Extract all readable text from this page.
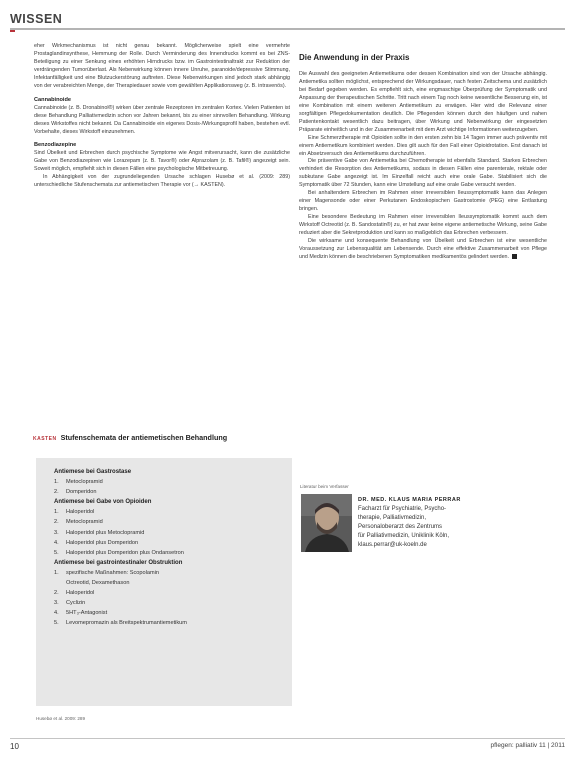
WISSEN

eher Wirkmechanismus ist nicht genau bekannt. Möglicherweise spielt eine vermehrte Prostaglandinsynthese, Hemmung der Rolle. Durch Verminderung des Innendrucks kommt es bei ZNS-Beteiligung zu einer Senkung eines erhöhten Hirndrucks bzw. im Gastrointestinaltrakt zur Reduktion der verdrängenden Tumorüberlast. Als Nebenwirkung können innere Unruhe, paranoide/depressive Stimmung, Infektanfälligkeit und eine Blutzuckerstörung auftreten. Diese Nebenwirkungen sind jedoch stark abhängig von der verabreichten Menge, der Therapiedauer sowie vom gewählten Applikationsweg (z. B. intravenös).

Cannabinoide

Cannabinoide (z. B. Dronabinol®) wirken über zentrale Rezeptoren im zentralen Kortex. Vielen Patienten ist diese Behandlung Palliativmedizin schon vor Jahren bekannt, bis zu einer sinnvollen Behandlung. Wirkung dieses Wirkstoffes nicht bekannt. Da Cannabinoide ein eigenes Dosis-/Wirkungsprofil haben, bestehen evtl. Vorbehalte, dieses Wirkstoff einzunehmen.

Benzodiazepine

Sind Übelkeit und Erbrechen durch psychische Symptome wie Angst mitverursacht, kann die zusätzliche Gabe von Benzodiazepinen wie Lorazepam (z. B. Tavor®) oder Alprazolam (z. B. Tafil®) angezeigt sein. Soweit möglich, empfiehlt sich in diesen Fällen eine psychologische Mitbetreuung.

In Abhängigkeit von der zugrundeliegenden Ursache schlagen Husebø et al. (2009: 289) unterschiedliche Stufenschemata zur antiemetischen Therapie vor (→ KASTEN).

Die Anwendung in der Praxis

Die Auswahl des geeigneten Antiemetikums oder dessen Kombination sind von der Ursache abhängig. Antiemetika sollten möglichst, entsprechend der Wirkungsdauer, nach festen Zeitschema und zusätzlich bei Bedarf gegeben werden. Es empfiehlt sich, eine engmaschige Überprüfung der Symptomatik und Anpassung der therapeutischen Schritte. Tritt nach einem Tag noch keine wesentliche Besserung ein, ist eine Kombination mit einem weiteren Antiemetikum zu erwägen. Hier wird die Relevanz einer sorgfältigen Pflegedokumentation deutlich. Die Pflegenden können durch den häufigen und nahen Patientenkontakt wesentlich dazu beitragen, über Wirkung und Nebenwirkung der eingesetzten Präparate einheitlich und in der Zusammenarbeit mit dem Arzt wichtige Informationen weiterzugeben.

Eine Schmerztherapie mit Opioiden sollte in den ersten zehn bis 14 Tagen immer auch präventiv mit einem Antiemetikum kombiniert werden. Dies gilt auch für den Fall einer Opioidrotation. Erst danach ist ein Absetzversuch des Antiemetikums durchzuführen.

Die präventive Gabe von Antiemetika bei Chemotherapie ist ebenfalls Standard. Starkes Erbrechen verhindert die Resorption des Antiemetikums, sodass in diesen Fällen eine parenterale, rektale oder subkutane Gabe angezeigt ist. Im Einzelfall reicht auch eine orale Gabe. Stabilisiert sich die Symptomatik über 72 Stunden, kann eine Umstellung auf eine orale Gabe versucht werden.

Bei anhaltendem Erbrechen im Rahmen einer irreversiblen Ileussymptomatik kann das Anlegen einer Magensonde oder einer Perkutanen Endoskopischen Gastrostomie (PEG) eine Entlastung bringen.

Eine besondere Bedeutung im Rahmen einer irreversiblen Ileussymptomatik kommt auch dem Wirkstoff Octreotid (z. B. Sandostatin®) zu, er hat zwar keine eigene antiemetische Wirkung, seine Gabe reduziert aber die Sekretproduktion und kann so maßgeblich das Erbrechen verbessern.

Die wirksame und konsequente Behandlung von Übelkeit und Erbrechen ist eine wesentliche Voraussetzung zur Lebensqualität am Lebensende. Durch eine effektive Zusammenarbeit von Pflege und Medizin können die beschriebenen Symptomatiken medikamentös gelindert werden.

KASTEN Stufenschemata der antiemetischen Behandlung
Antiemese bei Gastrostase
1.	Metoclopramid
2.	Domperidon
Antiemese bei Gabe von Opioiden
1.	Haloperidol
2.	Metoclopramid
3.	Haloperidol plus Metoclopramid
4.	Haloperidol plus Domperidon
5.	Haloperidol plus Domperidon plus Ondansetron
Antiemese bei gastrointestinaler Obstruktion
1.	spezifische Maßnahmen: Scopolamin
Octreotid, Dexamethason
2.	Haloperidol
3.	Cyclizin
4.	5HT₃-Antagonist
5.	Levomepromazin als Breitspektrumantiemetikum
Husebø et al. 2009: 289
Literatur beim Verfasser
DR. MED. KLAUS MARIA PERRAR
Facharzt für Psychiatrie, Psycho-
therapie, Palliativmedizin,
Personaloberarzt des Zentrums
für Palliativmedizin, Uniklinik Köln,
klaus.perrar@uk-koeln.de
10	pflegen: palliativ 11 | 2011
